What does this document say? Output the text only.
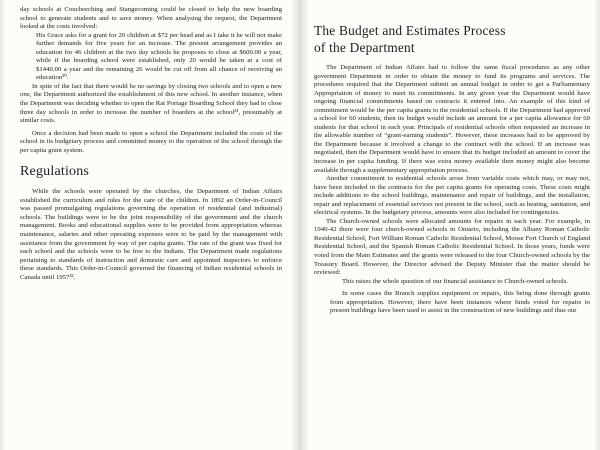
day schools at Coucheeching and Stangecoming could be closed to help the new boarding school to generate students and to save money. When analysing the request, the Department looked at the costs involved:

His Grace asks for a grant for 20 children at $72 per head and as I take it he will not make further demands for five years for an increase. The present arrangement provides an education for 46 children at the two day schools he proposes to close at $600.00 a year, while if the boarding school were established, only 20 would be taken at a cost of $1440.00 a year and the remaining 26 would be cut off from all chance of receiving an education³⁰.

In spite of the fact that there would be no savings by closing two schools and to open a new one, the Department authorized the establishment of this new school. In another instance, when the Department was deciding whether to open the Rat Portage Boarding School they had to close three day schools in order to increase the number of boarders at the school³¹, presumably at similar costs.

Once a decision had been made to open a school the Department included the costs of the school in its budgetary process and committed money to the operation of the school through the per capita grant system.

Regulations

While the schools were operated by the churches, the Department of Indian Affairs established the curriculum and rules for the care of the children. In 1892 an Order-in-Council was passed promulgating regulations governing the operation of residential (and industrial) schools. The buildings were to be the joint responsibility of the government and the church management. Books and educational supplies were to be provided from appropriation whereas maintenance, salaries and other operating expenses were to be paid by the management with assistance from the government by way of per capita grants. The rate of the grant was fixed for each school and the schools were to be free to the Indians. The Department made regulations pertaining to standards of instruction and domestic care and appointed inspectors to enforce these standards. This Order-in-Council governed the financing of Indian residential schools in Canada until 1957³².

The Budget and Estimates Process
of the Department

The Department of Indian Affairs had to follow the same fiscal procedures as any other government Department in order to obtain the money to fund its programs and services. The procedures required that the Department submit an annual budget in order to get a Parliamentary Appropriation of money to meet its commitments. In any given year the Department would have ongoing financial commitments based on contracts it entered into. An example of this kind of commitment would be the per capita grants to the residential schools. If the Department had approved a school for 60 students, then its budget would include an amount for a per capita allowance for 60 students for that school in each year. Principals of residential schools often requested an increase in the allowable number of “grant-earning students”. However, these increases had to be approved by the Department because it involved a change to the contract with the school. If an increase was negotiated, then the Department would have to ensure that its budget included an amount to cover the increase in per capita funding. If there was extra money available then money might also become available through a supplementary appropriation process.

Another commitment to residential schools arose from variable costs which may, or may not, have been included in the contracts for the per capita grants for operating costs. These costs might include additions to the school buildings, maintenance and repair of buildings, and the installation, repair and replacement of essential services not present in the school, such as heating, sanitation, and electrical systems. In the budgetary process, amounts were also included for contingencies.

The Church-owned schools were allocated amounts for repairs in each year. For example, in 1940-42 there were four church-owned schools in Ontario, including the Albany Roman Catholic Residential School, Fort William Roman Catholic Residential School, Moose Fort Church of England Residential School, and the Spanish Roman Catholic Residential School. In those years, funds were voted from the Main Estimates and the grants were released to the four Church-owned schools by the Treasury Board. However, the Director advised the Deputy Minister that the matter should be reviewed:

This raises the whole question of our financial assistance to Church-owned schools.

In some cases the Branch supplies equipment or repairs, this being done through grants from appropriation. However, there have been instances where funds voted for repairs to present buildings have been used to assist in the construction of new buildings and thus our
